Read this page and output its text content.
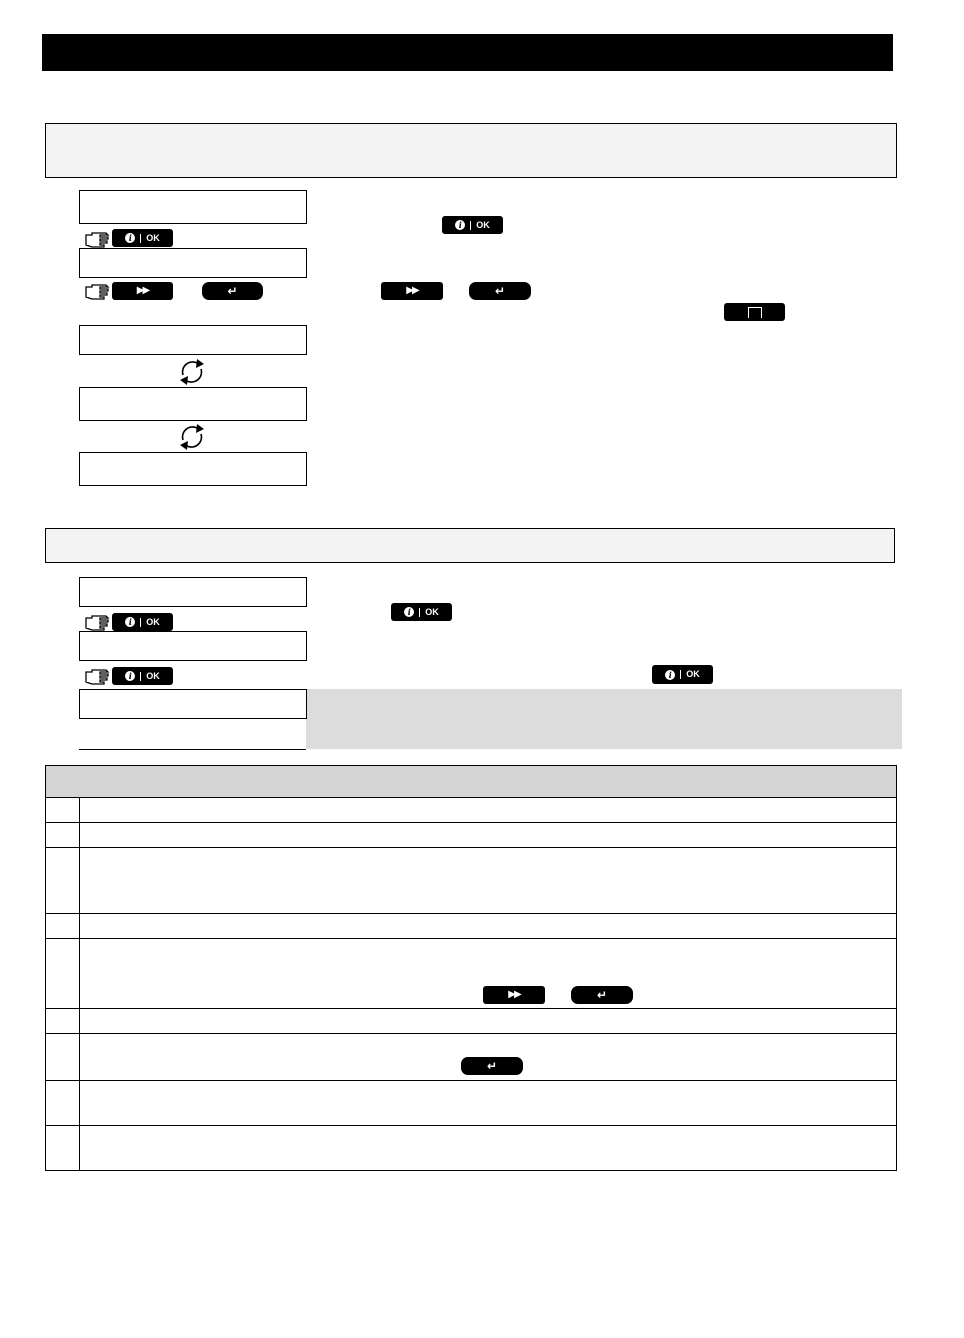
i	OK
▶▶	↵
i	OK
▶▶	↵
i	OK
i	OK
i	OK
i	OK

	▶▶ ↵

	↵
